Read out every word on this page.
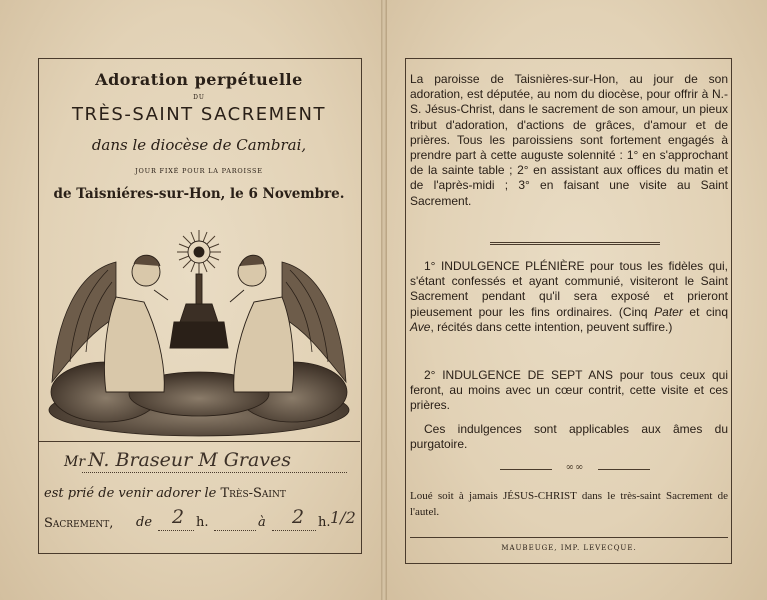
Adoration perpétuelle
DU
TRÈS-SAINT SACREMENT
dans le diocèse de Cambrai,
JOUR FIXÉ POUR LA PAROISSE
de Taisniéres-sur-Hon, le 6 Novembre.
Mr N. Braseur M Graves
est prié de venir adorer le Très-Saint
Sacrement, de 2 h.	à 2 h. 1/2
La paroisse de Taisnières-sur-Hon, au jour de son adoration, est députée, au nom du diocèse, pour offrir à N.-S. Jésus-Christ, dans le sacrement de son amour, un pieux tribut d'adoration, d'actions de grâces, d'amour et de prières. Tous les paroissiens sont fortement engagés à prendre part à cette auguste solennité : 1° en s'approchant de la sainte table ; 2° en assistant aux offices du matin et de l'après-midi ; 3° en faisant une visite au Saint Sacrement.
1° INDULGENCE PLÉNIÈRE pour tous les fidèles qui, s'étant confessés et ayant communié, visiteront le Saint Sacrement pendant qu'il sera exposé et prieront pieusement pour les fins ordinaires. (Cinq Pater et cinq Ave, récités dans cette intention, peuvent suffire.)
2° INDULGENCE DE SEPT ANS pour tous ceux qui feront, au moins avec un cœur contrit, cette visite et ces prières.
Ces indulgences sont applicables aux âmes du purgatoire.
∞∞
Loué soit à jamais JÉSUS-CHRIST dans le très-saint Sacrement de l'autel.
MAUBEUGE, IMP. LEVECQUE.
